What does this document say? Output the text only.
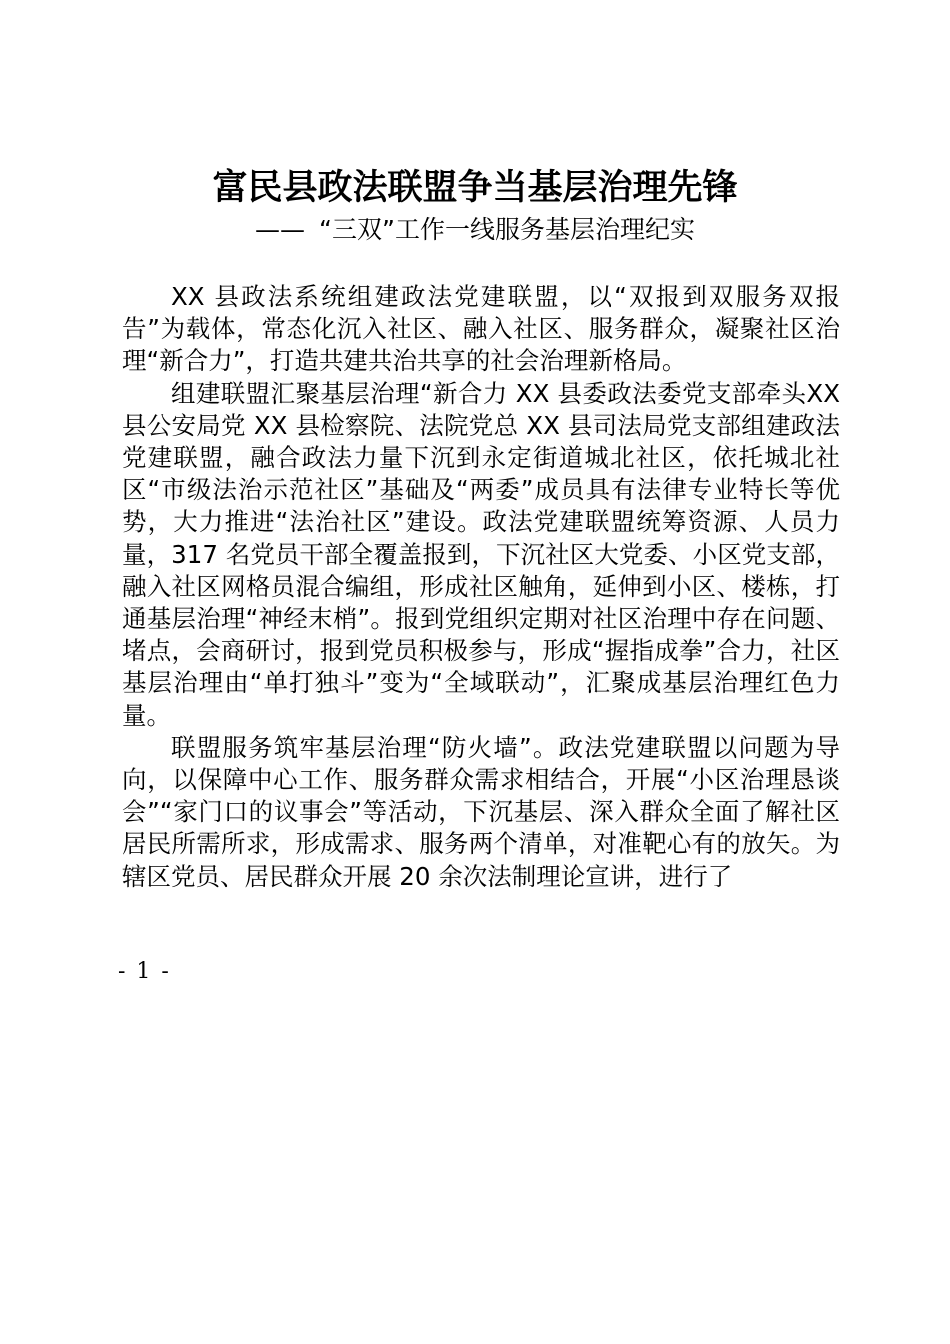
富民县政法联盟争当基层治理先锋
—— “三双”工作一线服务基层治理纪实

XX 县政法系统组建政法党建联盟，以“双报到双服务双报告”为载体，常态化沉入社区、融入社区、服务群众，凝聚社区治理“新合力”，打造共建共治共享的社会治理新格局。

组建联盟汇聚基层治理“新合力 XX 县委政法委党支部牵头XX 县公安局党 XX 县检察院、法院党总 XX 县司法局党支部组建政法党建联盟，融合政法力量下沉到永定街道城北社区，依托城北社区“市级法治示范社区”基础及“两委”成员具有法律专业特长等优势，大力推进“法治社区”建设。政法党建联盟统筹资源、人员力量，317 名党员干部全覆盖报到，下沉社区大党委、小区党支部，融入社区网格员混合编组，形成社区触角，延伸到小区、楼栋，打通基层治理“神经末梢”。报到党组织定期对社区治理中存在问题、堵点，会商研讨，报到党员积极参与，形成“握指成拳”合力，社区基层治理由“单打独斗”变为“全域联动”，汇聚成基层治理红色力量。

联盟服务筑牢基层治理“防火墙”。政法党建联盟以问题为导向，以保障中心工作、服务群众需求相结合，开展“小区治理恳谈会”“家门口的议事会”等活动，下沉基层、深入群众全面了解社区居民所需所求，形成需求、服务两个清单，对准靶心有的放矢。为辖区党员、居民群众开展 20 余次法制理论宣讲，进行了

- 1 -
